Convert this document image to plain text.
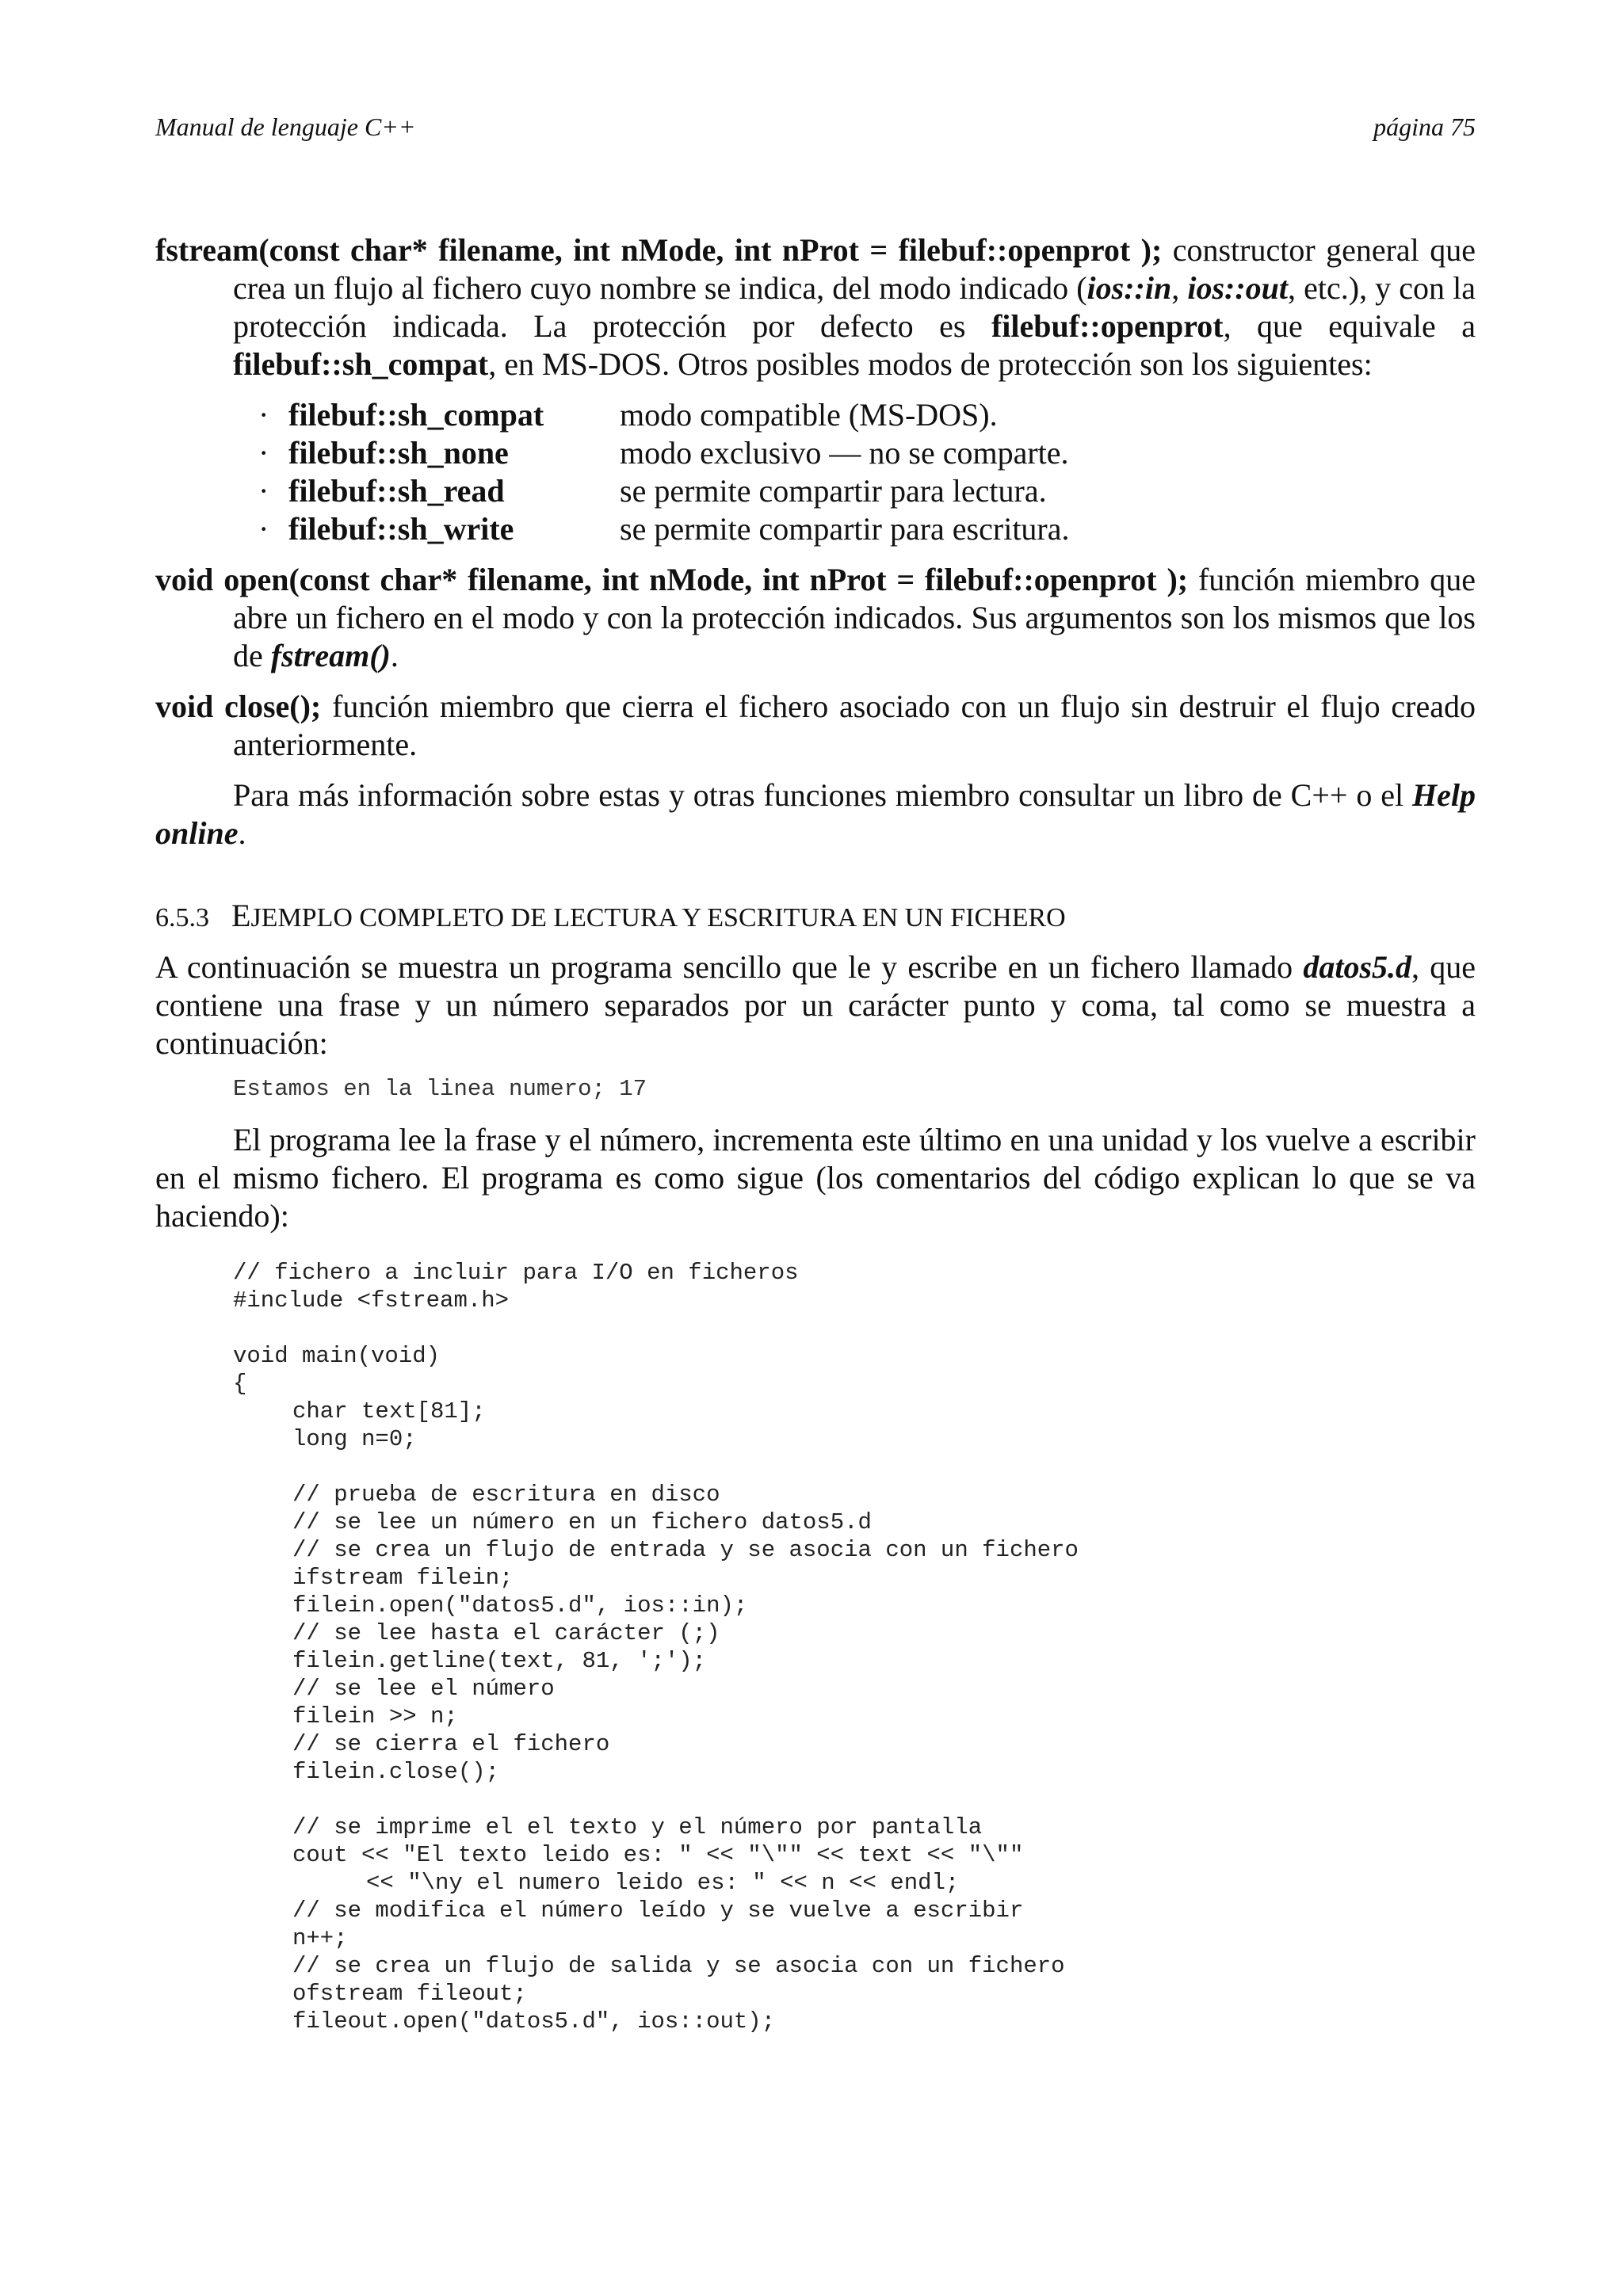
Manual de lenguaje C++	página 75

fstream(const char* filename, int nMode, int nProt = filebuf::openprot ); constructor general que crea un flujo al fichero cuyo nombre se indica, del modo indicado (ios::in, ios::out, etc.), y con la protección indicada. La protección por defecto es filebuf::openprot, que equivale a filebuf::sh_compat, en MS-DOS. Otros posibles modos de protección son los siguientes:

· filebuf::sh_compat	modo compatible (MS-DOS).
· filebuf::sh_none	modo exclusivo — no se comparte.
· filebuf::sh_read	se permite compartir para lectura.
· filebuf::sh_write	se permite compartir para escritura.

void open(const char* filename, int nMode, int nProt = filebuf::openprot ); función miembro que abre un fichero en el modo y con la protección indicados. Sus argumentos son los mismos que los de fstream().

void close(); función miembro que cierra el fichero asociado con un flujo sin destruir el flujo creado anteriormente.

Para más información sobre estas y otras funciones miembro consultar un libro de C++ o el Help online.

6.5.3 EJEMPLO COMPLETO DE LECTURA Y ESCRITURA EN UN FICHERO

A continuación se muestra un programa sencillo que le y escribe en un fichero llamado datos5.d, que contiene una frase y un número separados por un carácter punto y coma, tal como se muestra a continuación:

Estamos en la linea numero; 17

El programa lee la frase y el número, incrementa este último en una unidad y los vuelve a escribir en el mismo fichero. El programa es como sigue (los comentarios del código explican lo que se va haciendo):

// fichero a incluir para I/O en ficheros
#include <fstream.h>
void main(void)
{
char text[81];
long n=0;
// prueba de escritura en disco
// se lee un número en un fichero datos5.d
// se crea un flujo de entrada y se asocia con un fichero
ifstream filein;
filein.open("datos5.d", ios::in);
// se lee hasta el carácter (;)
filein.getline(text, 81, ';');
// se lee el número
filein >> n;
// se cierra el fichero
filein.close();
// se imprime el el texto y el número por pantalla
cout << "El texto leido es: " << "\"" << text << "\""
<< "\ny el numero leido es: " << n << endl;
// se modifica el número leído y se vuelve a escribir
n++;
// se crea un flujo de salida y se asocia con un fichero
ofstream fileout;
fileout.open("datos5.d", ios::out);
